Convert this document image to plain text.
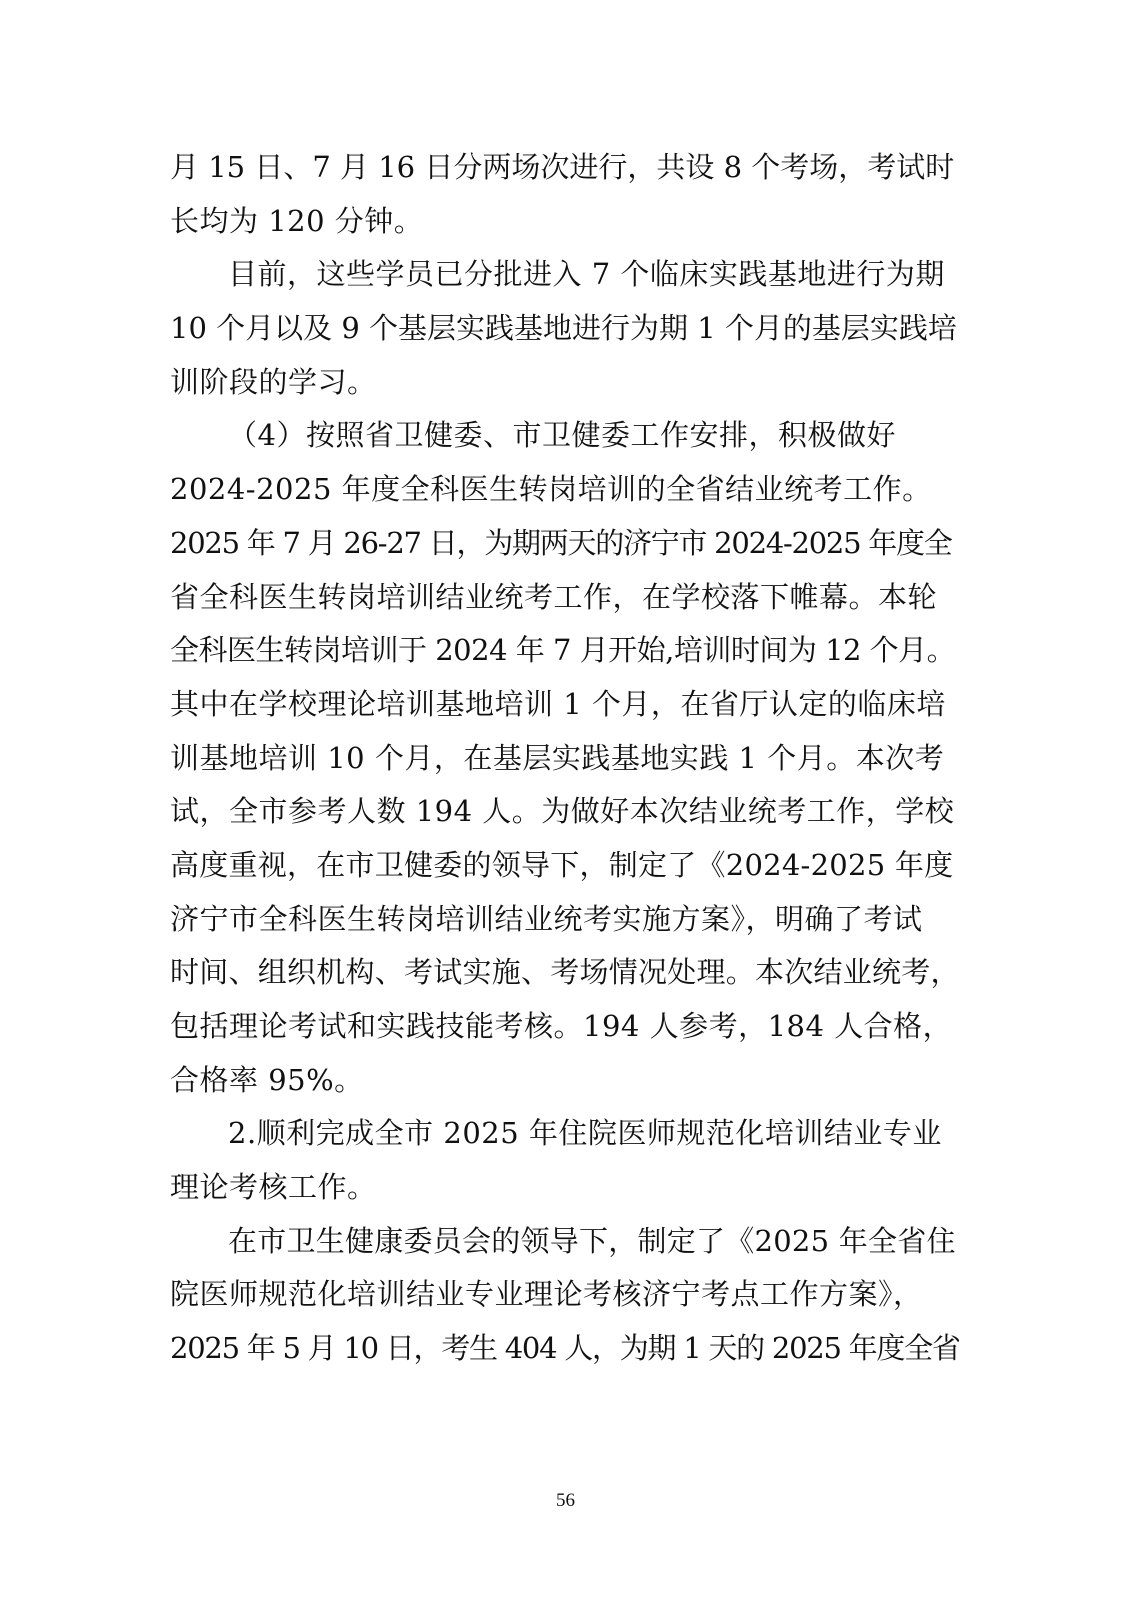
月 15 日、7 月 16 日分两场次进行，共设 8 个考场，考试时
长均为 120 分钟。
目前，这些学员已分批进入 7 个临床实践基地进行为期
10 个月以及 9 个基层实践基地进行为期 1 个月的基层实践培
训阶段的学习。
（4）按照省卫健委、市卫健委工作安排，积极做好
2024-2025 年度全科医生转岗培训的全省结业统考工作。
2025 年 7 月 26-27 日，为期两天的济宁市 2024-2025 年度全
省全科医生转岗培训结业统考工作，在学校落下帷幕。本轮
全科医生转岗培训于 2024 年 7 月开始,培训时间为 12 个月。
其中在学校理论培训基地培训 1 个月，在省厅认定的临床培
训基地培训 10 个月，在基层实践基地实践 1 个月。本次考
试，全市参考人数 194 人。为做好本次结业统考工作，学校
高度重视，在市卫健委的领导下，制定了《2024-2025 年度
济宁市全科医生转岗培训结业统考实施方案》，明确了考试
时间、组织机构、考试实施、考场情况处理。本次结业统考，
包括理论考试和实践技能考核。194 人参考，184 人合格，
合格率 95%。
2.顺利完成全市 2025 年住院医师规范化培训结业专业
理论考核工作。
在市卫生健康委员会的领导下，制定了《2025 年全省住
院医师规范化培训结业专业理论考核济宁考点工作方案》，
2025 年 5 月 10 日，考生 404 人，为期 1 天的 2025 年度全省
56
